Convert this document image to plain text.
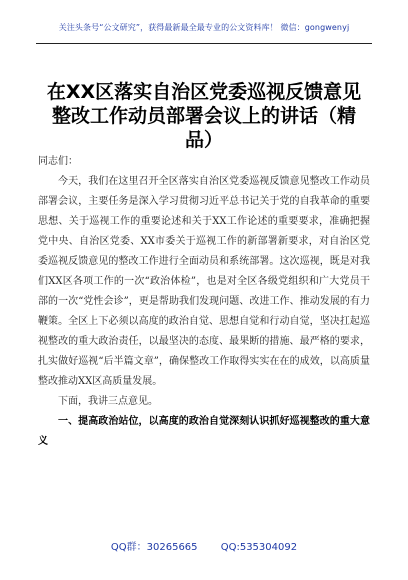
关注头条号“公文研究”，获得最新最全最专业的公文资料库！ 微信：gongwenyj
在XX区落实自治区党委巡视反馈意见整改工作动员部署会议上的讲话（精品）

同志们：

今天，我们在这里召开全区落实自治区党委巡视反馈意见整改工作动员部署会议，主要任务是深入学习贯彻习近平总书记关于党的自我革命的重要思想、关于巡视工作的重要论述和关于XX工作论述的重要要求，准确把握党中央、自治区党委、XX市委关于巡视工作的新部署新要求，对自治区党委巡视反馈意见的整改工作进行全面动员和系统部署。这次巡视，既是对我们XX区各项工作的一次“政治体检”，也是对全区各级党组织和广大党员干部的一次“党性会诊”，更是帮助我们发现问题、改进工作、推动发展的有力鞭策。全区上下必须以高度的政治自觉、思想自觉和行动自觉，坚决扛起巡视整改的重大政治责任，以最坚决的态度、最果断的措施、最严格的要求，扎实做好巡视“后半篇文章”，确保整改工作取得实实在在的成效，以高质量整改推动XX区高质量发展。

下面，我讲三点意见。

一、提高政治站位，以高度的政治自觉深刻认识抓好巡视整改的重大意义

QQ群：30265665 QQ:535304092
